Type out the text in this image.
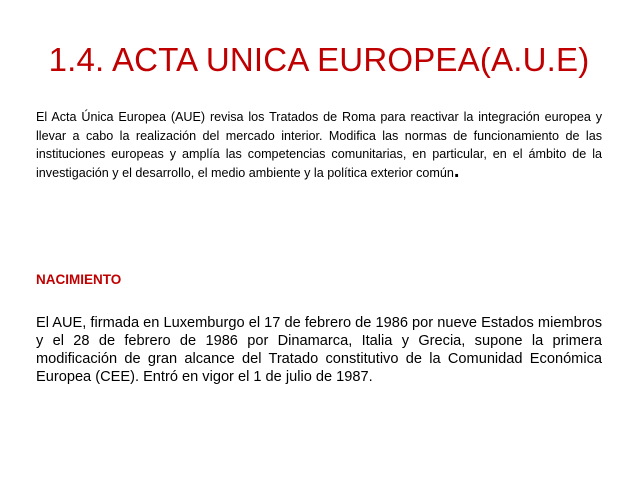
1.4. ACTA UNICA EUROPEA(A.U.E)
El Acta Única Europea (AUE) revisa los Tratados de Roma para reactivar la integración europea y llevar a cabo la realización del mercado interior. Modifica las normas de funcionamiento de las instituciones europeas y amplía las competencias comunitarias, en particular, en el ámbito de la investigación y el desarrollo, el medio ambiente y la política exterior común.
NACIMIENTO
El AUE, firmada en Luxemburgo el 17 de febrero de 1986 por nueve Estados miembros y el 28 de febrero de 1986 por Dinamarca, Italia y Grecia, supone la primera modificación de gran alcance del Tratado constitutivo de la Comunidad Económica Europea (CEE). Entró en vigor el 1 de julio de 1987.
